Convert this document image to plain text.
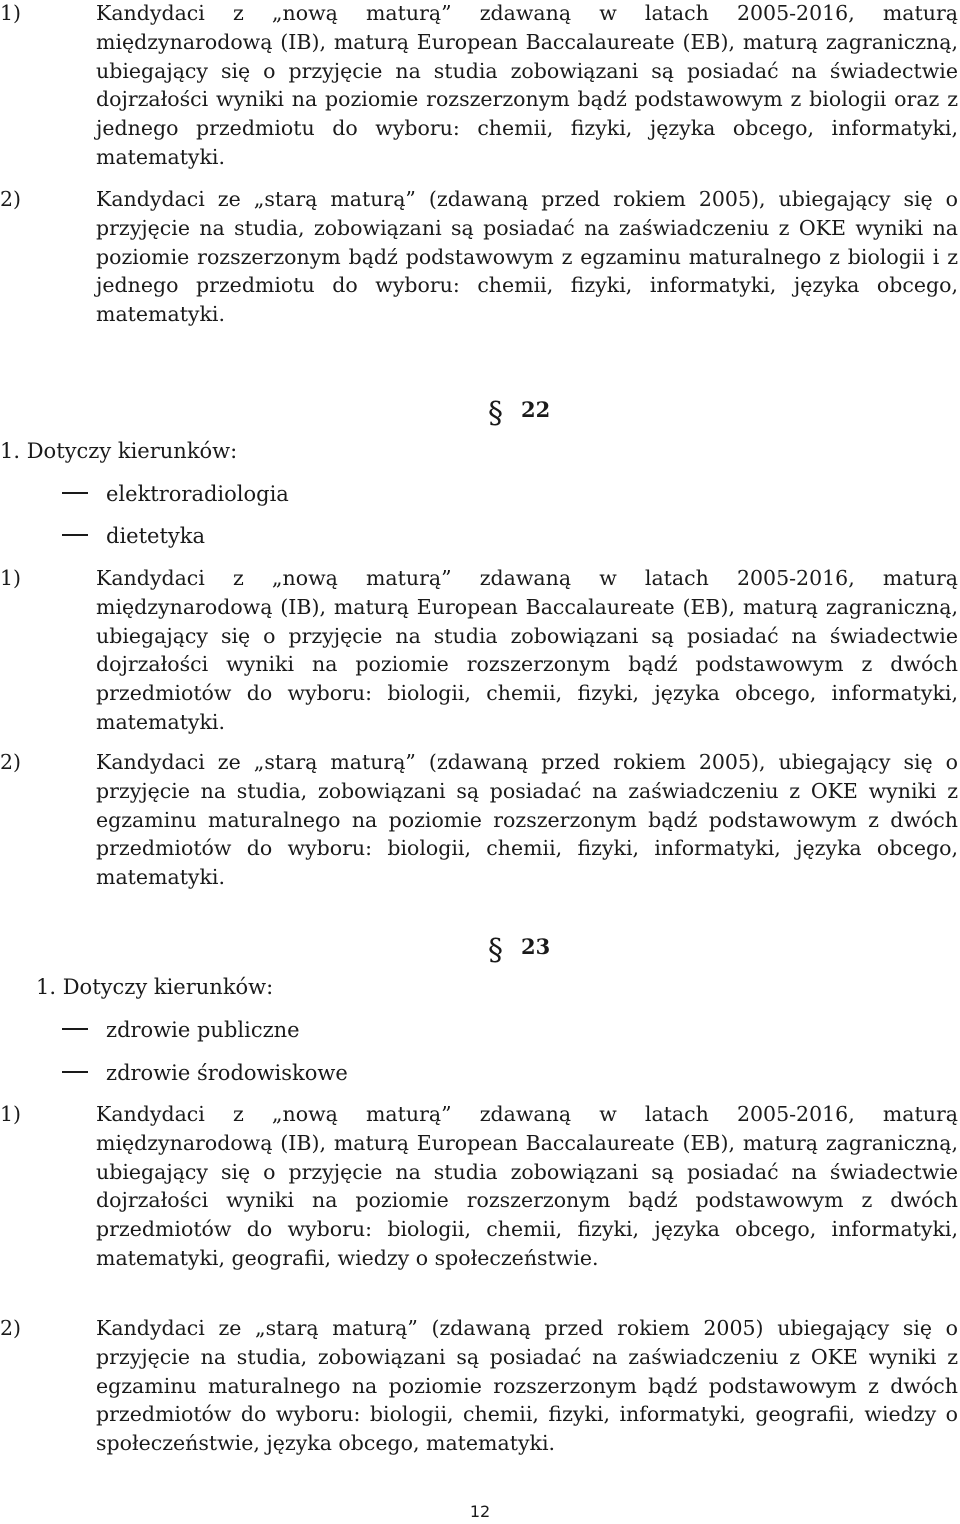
1)	Kandydaci z „nową maturą” zdawaną w latach 2005-2016, maturą międzynarodową (IB), maturą European Baccalaureate (EB), maturą zagraniczną, ubiegający się o przyjęcie na studia zobowiązani są posiadać na świadectwie dojrzałości wyniki na poziomie rozszerzonym bądź podstawowym z biologii oraz z jednego przedmiotu do wyboru: chemii, fizyki, języka obcego, informatyki, matematyki.
2)	Kandydaci ze „starą maturą” (zdawaną przed rokiem 2005), ubiegający się o przyjęcie na studia, zobowiązani są posiadać na zaświadczeniu z OKE wyniki na poziomie rozszerzonym bądź podstawowym z egzaminu maturalnego z biologii i z jednego przedmiotu do wyboru: chemii, fizyki, informatyki, języka obcego, matematyki.
§ 22
1. Dotyczy kierunków:
elektroradiologia
dietetyka
1)	Kandydaci z „nową maturą” zdawaną w latach 2005-2016, maturą międzynarodową (IB), maturą European Baccalaureate (EB), maturą zagraniczną, ubiegający się o przyjęcie na studia zobowiązani są posiadać na świadectwie dojrzałości wyniki na poziomie rozszerzonym bądź podstawowym z dwóch przedmiotów do wyboru: biologii, chemii, fizyki, języka obcego, informatyki, matematyki.
2)	Kandydaci ze „starą maturą” (zdawaną przed rokiem 2005), ubiegający się o przyjęcie na studia, zobowiązani są posiadać na zaświadczeniu z OKE wyniki z egzaminu maturalnego na poziomie rozszerzonym bądź podstawowym z dwóch przedmiotów do wyboru: biologii, chemii, fizyki, informatyki, języka obcego, matematyki.
§ 23
1. Dotyczy kierunków:
zdrowie publiczne
zdrowie środowiskowe
1)	Kandydaci z „nową maturą” zdawaną w latach 2005-2016, maturą międzynarodową (IB), maturą European Baccalaureate (EB), maturą zagraniczną, ubiegający się o przyjęcie na studia zobowiązani są posiadać na świadectwie dojrzałości wyniki na poziomie rozszerzonym bądź podstawowym z dwóch przedmiotów do wyboru: biologii, chemii, fizyki, języka obcego, informatyki, matematyki, geografii, wiedzy o społeczeństwie.
2)	Kandydaci ze „starą maturą” (zdawaną przed rokiem 2005) ubiegający się o przyjęcie na studia, zobowiązani są posiadać na zaświadczeniu z OKE wyniki z egzaminu maturalnego na poziomie rozszerzonym bądź podstawowym z dwóch przedmiotów do wyboru: biologii, chemii, fizyki, informatyki, geografii, wiedzy o społeczeństwie, języka obcego, matematyki.
12
